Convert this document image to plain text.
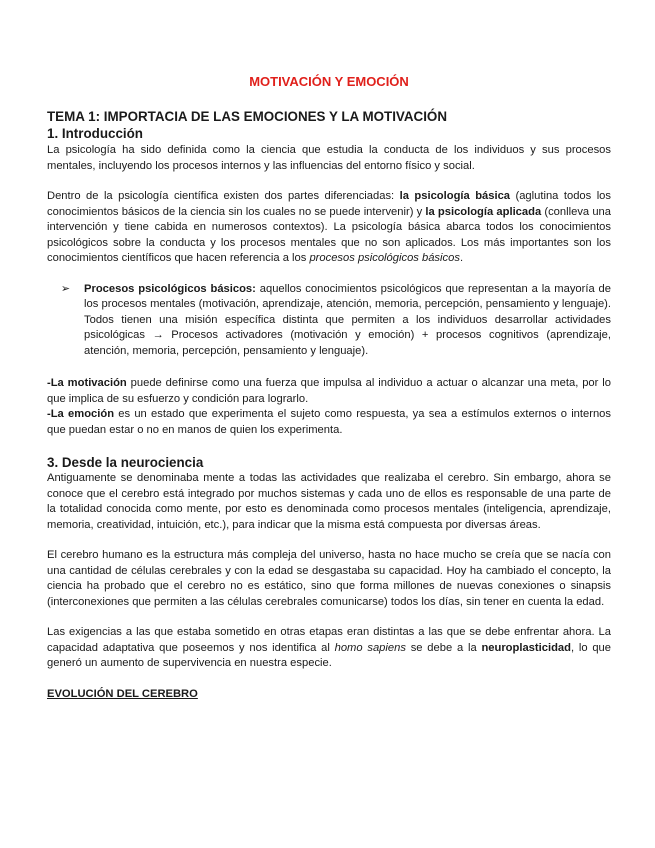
MOTIVACIÓN Y EMOCIÓN
TEMA 1: IMPORTACIA DE LAS EMOCIONES Y LA MOTIVACIÓN
1. Introducción

La psicología ha sido definida como la ciencia que estudia la conducta de los individuos y sus procesos mentales, incluyendo los procesos internos y las influencias del entorno físico y social.

Dentro de la psicología científica existen dos partes diferenciadas: la psicología básica (aglutina todos los conocimientos básicos de la ciencia sin los cuales no se puede intervenir) y la psicología aplicada (conlleva una intervención y tiene cabida en numerosos contextos). La psicología básica abarca todos los conocimientos psicológicos sobre la conducta y los procesos mentales que no son aplicados. Los más importantes son los conocimientos científicos que hacen referencia a los procesos psicológicos básicos.

➢	Procesos psicológicos básicos: aquellos conocimientos psicológicos que representan a la mayoría de los procesos mentales (motivación, aprendizaje, atención, memoria, percepción, pensamiento y lenguaje). Todos tienen una misión específica distinta que permiten a los individuos desarrollar actividades psicológicas → Procesos activadores (motivación y emoción) + procesos cognitivos (aprendizaje, atención, memoria, percepción, pensamiento y lenguaje).

-La motivación puede definirse como una fuerza que impulsa al individuo a actuar o alcanzar una meta, por lo que implica de su esfuerzo y condición para lograrlo.

-La emoción es un estado que experimenta el sujeto como respuesta, ya sea a estímulos externos o internos que puedan estar o no en manos de quien los experimenta.

3. Desde la neurociencia

Antiguamente se denominaba mente a todas las actividades que realizaba el cerebro. Sin embargo, ahora se conoce que el cerebro está integrado por muchos sistemas y cada uno de ellos es responsable de una parte de la totalidad conocida como mente, por esto es denominada como procesos mentales (inteligencia, aprendizaje, memoria, creatividad, intuición, etc.), para indicar que la misma está compuesta por diversas áreas.

El cerebro humano es la estructura más compleja del universo, hasta no hace mucho se creía que se nacía con una cantidad de células cerebrales y con la edad se desgastaba su capacidad. Hoy ha cambiado el concepto, la ciencia ha probado que el cerebro no es estático, sino que forma millones de nuevas conexiones o sinapsis (interconexiones que permiten a las células cerebrales comunicarse) todos los días, sin tener en cuenta la edad.

Las exigencias a las que estaba sometido en otras etapas eran distintas a las que se debe enfrentar ahora. La capacidad adaptativa que poseemos y nos identifica al homo sapiens se debe a la neuroplasticidad, lo que generó un aumento de supervivencia en nuestra especie.

EVOLUCIÓN DEL CEREBRO
